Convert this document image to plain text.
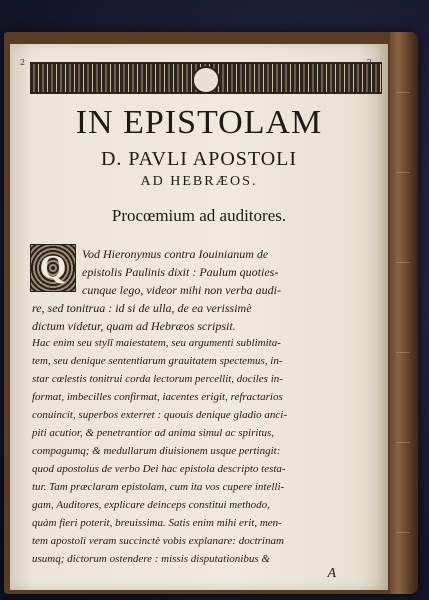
2
IN EPISTOLAM
D. PAVLI APOSTOLI
AD HEBRÆOS.
Procœmium ad auditores.
Q	Vod Hieronymus contra Iouinianum de
epistolis Paulinis dixit : Paulum quoties-
cunque lego, videor mihi non verba audi-
re, sed tonitrua : id si de ulla, de ea verissimè
dictum videtur, quam ad Hebræos scripsit.
Hac enim seu stylī maiestatem, seu argumenti sublimita-
tem, seu denique sententiarum grauitatem spectemus, in-
star cœlestis tonitrui corda lectorum percellit, dociles in-
format, imbecilles confirmat, iacentes erigit, refractarios
conuincit, superbos exterret : quouis denique gladio anci-
piti acutior, & penetrantior ad anima simul ac spiritus,
compagumq; & medullarum diuisionem usque pertingit:
quod apostolus de verbo Dei hac epistola descripto testa-
tur. Tam præclaram epistolam, cum ita vos cupere intelli-
gam, Auditores, explicare deinceps constitui methodo,
quàm fieri poterit, breuissima. Satis enim mihi erit, men-
tem apostoli veram succinctè vobis explanare: doctrinam
usumq; dictorum ostendere : missis disputationibus &
A
